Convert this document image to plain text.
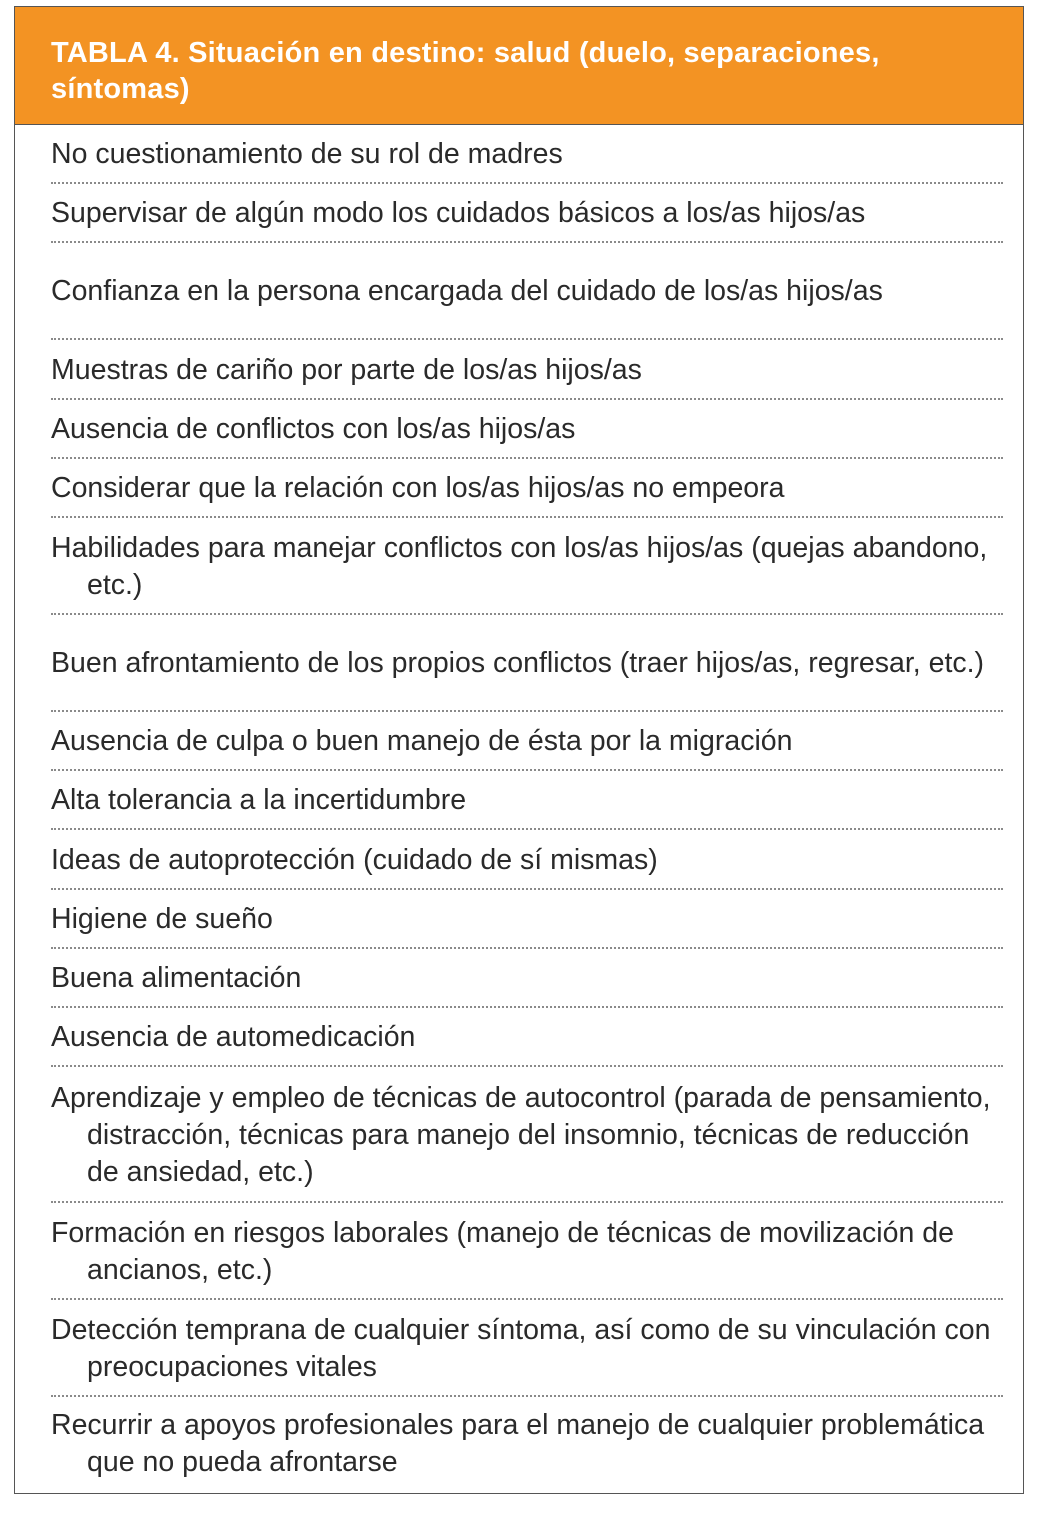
TABLA 4. Situación en destino: salud (duelo, separaciones, síntomas)
No cuestionamiento de su rol de madres
Supervisar de algún modo los cuidados básicos a los/as hijos/as
Confianza en la persona encargada del cuidado de los/as hijos/as
Muestras de cariño por parte de los/as hijos/as
Ausencia de conflictos con los/as hijos/as
Considerar que la relación con los/as hijos/as no empeora
Habilidades para manejar conflictos con los/as hijos/as (quejas abandono, etc.)
Buen afrontamiento de los propios conflictos (traer hijos/as, regresar, etc.)
Ausencia de culpa o buen manejo de ésta por la migración
Alta tolerancia a la incertidumbre
Ideas de autoprotección (cuidado de sí mismas)
Higiene de sueño
Buena alimentación
Ausencia de automedicación
Aprendizaje y empleo de técnicas de autocontrol (parada de pensamiento, distracción, técnicas para manejo del insomnio, técnicas de reducción de ansiedad, etc.)
Formación en riesgos laborales (manejo de técnicas de movilización de ancianos, etc.)
Detección temprana de cualquier síntoma, así como de su vinculación con preocupaciones vitales
Recurrir a apoyos profesionales para el manejo de cualquier problemática que no pueda afrontarse
